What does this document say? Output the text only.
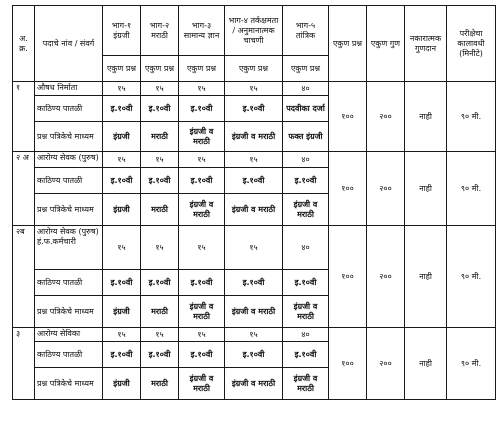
अ. क्र.	पदाचे नांव / संवर्ग	भाग-१ इंग्रजी	भाग-२ मराठी	भाग-३ सामान्य ज्ञान	भाग-४ तर्कक्षमता / अनुमानात्मक चाचणी	भाग-५ तांत्रिक	एकुण प्रश्न	एकुण गुण	नकारात्मक गुणदान	परीक्षेचा कालावधी (मिनीटे)
		एकुण प्रश्न	एकुण प्रश्न	एकुण प्रश्न	एकुण प्रश्न	एकुण प्रश्न				
१	औषध निर्माता	१५	१५	१५	१५	४०	१००	२००	नाही	९० मी.
	काठिण्य पातळी	इ.१०वी	इ.१०वी	इ.१०वी	इ.१०वी	पदवीका दर्जा				
	प्रश्न पत्रिकेचे माध्यम	इंग्रजी	मराठी	इंग्रजी व मराठी	इंग्रजी व मराठी	फक्त इंग्रजी				
२ अ	आरोग्य सेवक (पुरुष)	१५	१५	१५	१५	४०	१००	२००	नाही	९० मी.
	काठिण्य पातळी	इ.१०वी	इ.१०वी	इ.१०वी	इ.१०वी	इ.१०वी				
	प्रश्न पत्रिकेचे माध्यम	इंग्रजी	मराठी	इंग्रजी व मराठी	इंग्रजी व मराठी	इंग्रजी व मराठी				
२ब	आरोग्य सेवक (पुरुष) हं.फ.कर्मचारी	१५	१५	१५	१५	४०	१००	२००	नाही	९० मी.
	काठिण्य पातळी	इ.१०वी	इ.१०वी	इ.१०वी	इ.१०वी	इ.१०वी				
	प्रश्न पत्रिकेचे माध्यम	इंग्रजी	मराठी	इंग्रजी व मराठी	इंग्रजी व मराठी	इंग्रजी व मराठी				
३	आरोग्य सेविका	१५	१५	१५	१५	४०	१००	२००	नाही	९० मी.
	काठिण्य पातळी	इ.१०वी	इ.१०वी	इ.१०वी	इ.१०वी	इ.१०वी				
	प्रश्न पत्रिकेचे माध्यम	इंग्रजी	मराठी	इंग्रजी व मराठी	इंग्रजी व मराठी	इंग्रजी व मराठी				
